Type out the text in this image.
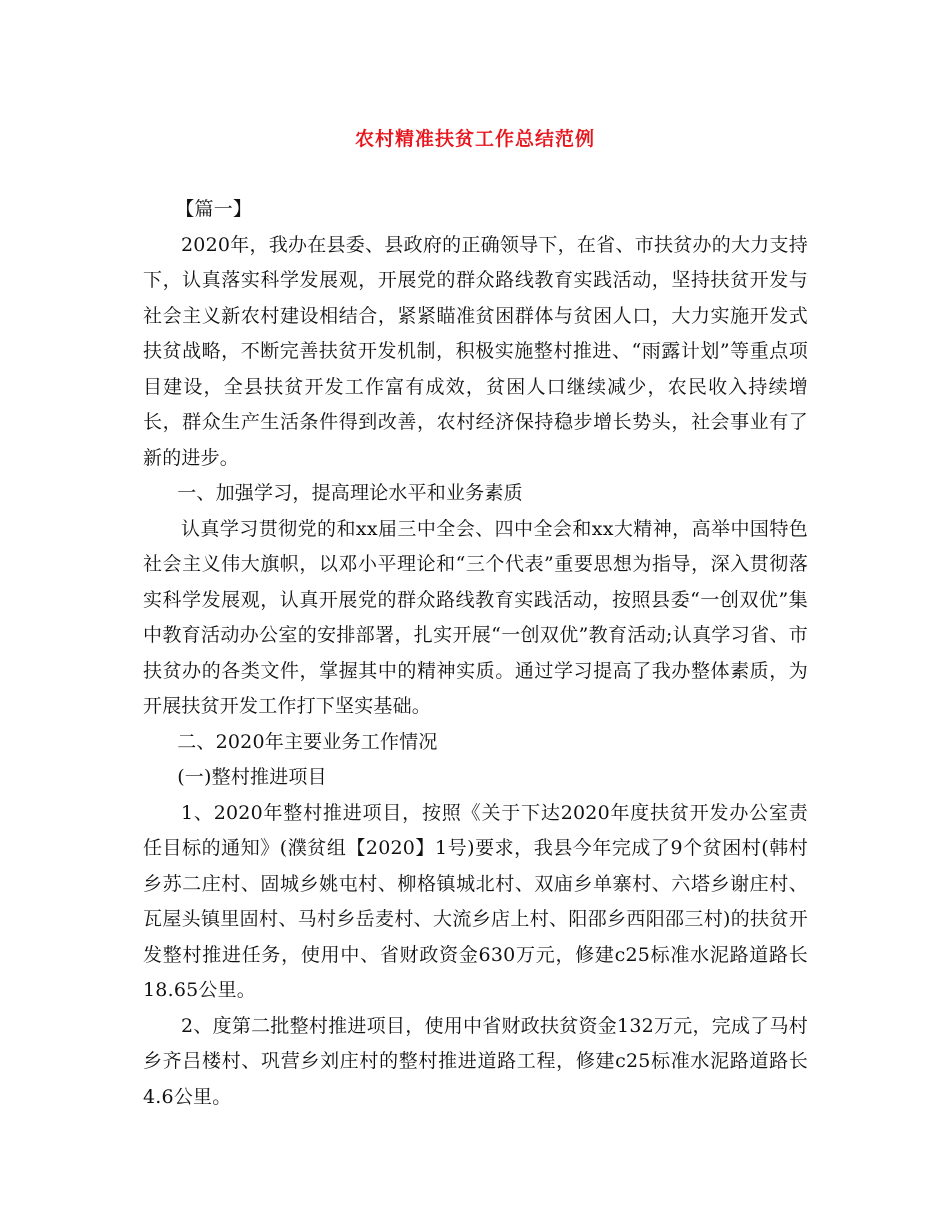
农村精准扶贫工作总结范例

【篇一】

2020年，我办在县委、县政府的正确领导下，在省、市扶贫办的大力支持下，认真落实科学发展观，开展党的群众路线教育实践活动，坚持扶贫开发与社会主义新农村建设相结合，紧紧瞄准贫困群体与贫困人口，大力实施开发式扶贫战略，不断完善扶贫开发机制，积极实施整村推进、“雨露计划”等重点项目建设，全县扶贫开发工作富有成效，贫困人口继续减少，农民收入持续增长，群众生产生活条件得到改善，农村经济保持稳步增长势头，社会事业有了新的进步。

一、加强学习，提高理论水平和业务素质

认真学习贯彻党的和xx届三中全会、四中全会和xx大精神，高举中国特色社会主义伟大旗帜，以邓小平理论和“三个代表”重要思想为指导，深入贯彻落实科学发展观，认真开展党的群众路线教育实践活动，按照县委“一创双优”集中教育活动办公室的安排部署，扎实开展“一创双优”教育活动;认真学习省、市扶贫办的各类文件，掌握其中的精神实质。通过学习提高了我办整体素质，为开展扶贫开发工作打下坚实基础。

二、2020年主要业务工作情况

(一)整村推进项目

1、2020年整村推进项目，按照《关于下达2020年度扶贫开发办公室责任目标的通知》(濮贫组【2020】1号)要求，我县今年完成了9个贫困村(韩村乡苏二庄村、固城乡姚屯村、柳格镇城北村、双庙乡单寨村、六塔乡谢庄村、瓦屋头镇里固村、马村乡岳麦村、大流乡店上村、阳邵乡西阳邵三村)的扶贫开发整村推进任务，使用中、省财政资金630万元，修建c25标准水泥路道路长18.65公里。

2、度第二批整村推进项目，使用中省财政扶贫资金132万元，完成了马村乡齐吕楼村、巩营乡刘庄村的整村推进道路工程，修建c25标准水泥路道路长4.6公里。
